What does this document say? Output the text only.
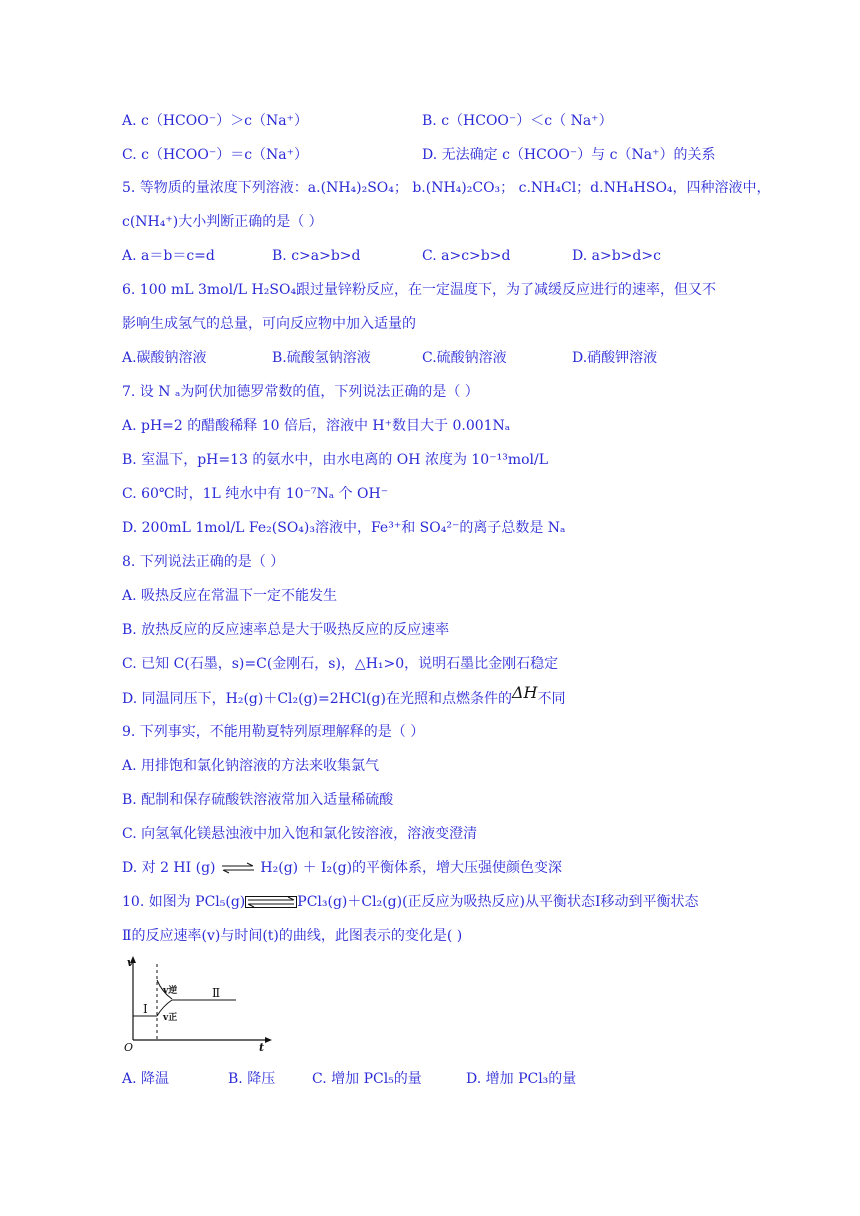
A. c（HCOO⁻）＞c（Na⁺）	B. c（HCOO⁻）＜c（ Na⁺）
C. c（HCOO⁻）＝c（Na⁺）	D. 无法确定 c（HCOO⁻）与 c（Na⁺）的关系
5. 等物质的量浓度下列溶液：a.(NH₄)₂SO₄； b.(NH₄)₂CO₃； c.NH₄Cl；d.NH₄HSO₄，四种溶液中，
c(NH₄⁺)大小判断正确的是（ ）
A. a＝b＝c=d	B. c>a>b>d	C. a>c>b>d	D. a>b>d>c
6. 100 mL 3mol/L H₂SO₄跟过量锌粉反应，在一定温度下，为了减缓反应进行的速率，但又不
影响生成氢气的总量，可向反应物中加入适量的
A.碳酸钠溶液	B.硫酸氢钠溶液	C.硫酸钠溶液	D.硝酸钾溶液
7. 设 N ₐ为阿伏加德罗常数的值，下列说法正确的是（ ）
A. pH=2 的醋酸稀释 10 倍后，溶液中 H⁺数目大于 0.001Nₐ
B. 室温下，pH=13 的氨水中，由水电离的 OH 浓度为 10⁻¹³mol/L
C. 60℃时，1L 纯水中有 10⁻⁷Nₐ 个 OH⁻
D. 200mL 1mol/L Fe₂(SO₄)₃溶液中，Fe³⁺和 SO₄²⁻的离子总数是 Nₐ
8. 下列说法正确的是（ ）
A. 吸热反应在常温下一定不能发生
B. 放热反应的反应速率总是大于吸热反应的反应速率
C. 已知 C(石墨，s)=C(金刚石，s)，△H₁>0，说明石墨比金刚石稳定
D. 同温同压下，H₂(g)＋Cl₂(g)=2HCl(g)在光照和点燃条件的ΔH不同
9. 下列事实，不能用勒夏特列原理解释的是（ ）
A. 用排饱和氯化钠溶液的方法来收集氯气
B. 配制和保存硫酸铁溶液常加入适量稀硫酸
C. 向氢氧化镁悬浊液中加入饱和氯化铵溶液，溶液变澄清
D. 对 2 HI (g) ⇌ H₂(g) ＋ I₂(g)的平衡体系，增大压强使颜色变深
10. 如图为 PCl₅(g)	PCl₃(g)＋Cl₂(g)(正反应为吸热反应)从平衡状态Ⅰ移动到平衡状态
Ⅱ的反应速率(v)与时间(t)的曲线，此图表示的变化是( )
v
t
O
Ⅰ
Ⅱ
v逆
v正
A. 降温	B. 降压	C. 增加 PCl₅的量	D. 增加 PCl₃的量
